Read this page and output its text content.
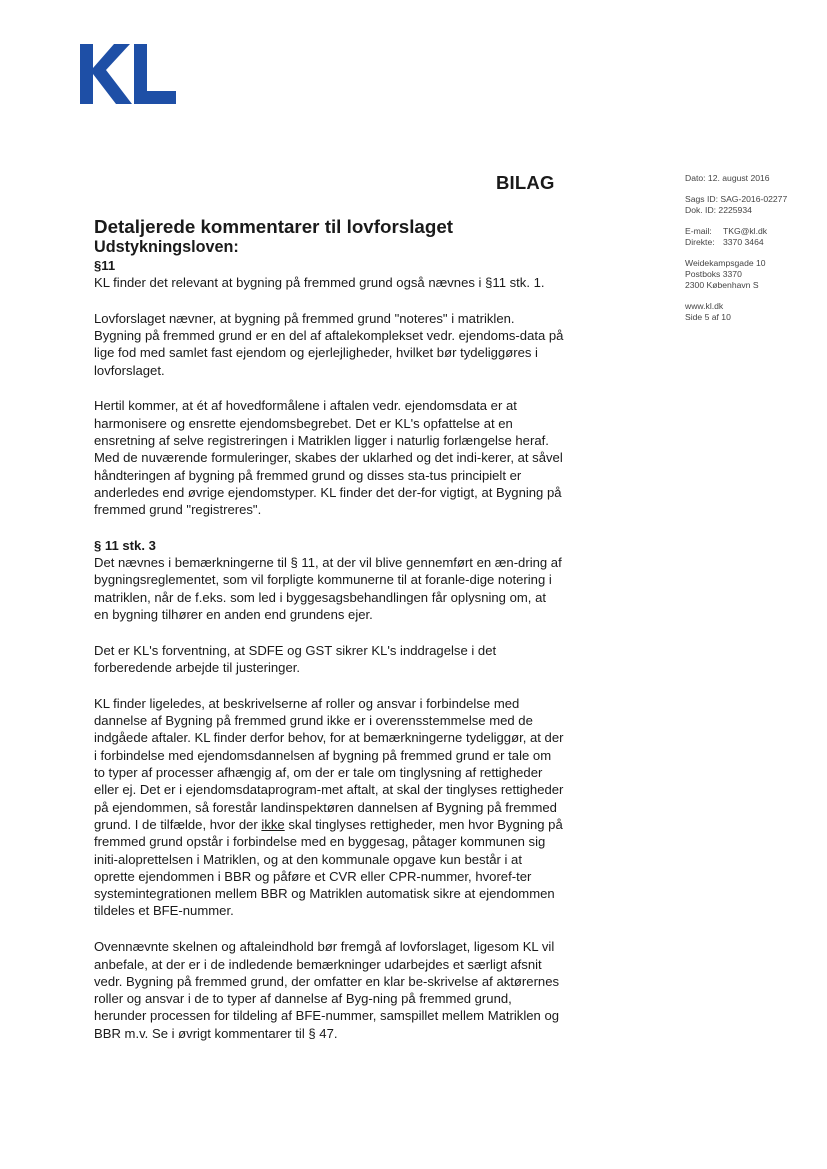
BILAG	Dato: 12. august 2016
Sags ID: SAG-2016-02277
Dok. ID: 2225934
E-mail: TKG@kl.dk
Direkte: 3370 3464
Weidekampsgade 10
Postboks 3370
2300 København S
www.kl.dk
Side 5 af 10
Detaljerede kommentarer til lovforslaget
Udstykningsloven:
§11

KL finder det relevant at bygning på fremmed grund også nævnes i §11 stk. 1.

Lovforslaget nævner, at bygning på fremmed grund "noteres" i matriklen. Bygning på fremmed grund er en del af aftalekomplekset vedr. ejendoms-data på lige fod med samlet fast ejendom og ejerlejligheder, hvilket bør tydeliggøres i lovforslaget.

Hertil kommer, at ét af hovedformålene i aftalen vedr. ejendomsdata er at harmonisere og ensrette ejendomsbegrebet. Det er KL's opfattelse at en ensretning af selve registreringen i Matriklen ligger i naturlig forlængelse heraf. Med de nuværende formuleringer, skabes der uklarhed og det indi-kerer, at såvel håndteringen af bygning på fremmed grund og disses sta-tus principielt er anderledes end øvrige ejendomstyper. KL finder det der-for vigtigt, at Bygning på fremmed grund "registreres".

§ 11 stk. 3

Det nævnes i bemærkningerne til § 11, at der vil blive gennemført en æn-dring af bygningsreglementet, som vil forpligte kommunerne til at foranle-dige notering i matriklen, når de f.eks. som led i byggesagsbehandlingen får oplysning om, at en bygning tilhører en anden end grundens ejer.

Det er KL's forventning, at SDFE og GST sikrer KL's inddragelse i det forberedende arbejde til justeringer.

KL finder ligeledes, at beskrivelserne af roller og ansvar i forbindelse med dannelse af Bygning på fremmed grund ikke er i overensstemmelse med de indgåede aftaler. KL finder derfor behov, for at bemærkningerne tydeliggør, at der i forbindelse med ejendomsdannelsen af bygning på fremmed grund er tale om to typer af processer afhængig af, om der er tale om tinglysning af rettigheder eller ej. Det er i ejendomsdataprogram-met aftalt, at skal der tinglyses rettigheder på ejendommen, så forestår landinspektøren dannelsen af Bygning på fremmed grund. I de tilfælde, hvor der ikke skal tinglyses rettigheder, men hvor Bygning på fremmed grund opstår i forbindelse med en byggesag, påtager kommunen sig initi-aloprettelsen i Matriklen, og at den kommunale opgave kun består i at oprette ejendommen i BBR og påføre et CVR eller CPR-nummer, hvoref-ter systemintegrationen mellem BBR og Matriklen automatisk sikre at ejendommen tildeles et BFE-nummer.

Ovennævnte skelnen og aftaleindhold bør fremgå af lovforslaget, ligesom KL vil anbefale, at der er i de indledende bemærkninger udarbejdes et særligt afsnit vedr. Bygning på fremmed grund, der omfatter en klar be-skrivelse af aktørernes roller og ansvar i de to typer af dannelse af Byg-ning på fremmed grund, herunder processen for tildeling af BFE-nummer, samspillet mellem Matriklen og BBR m.v. Se i øvrigt kommentarer til § 47.
